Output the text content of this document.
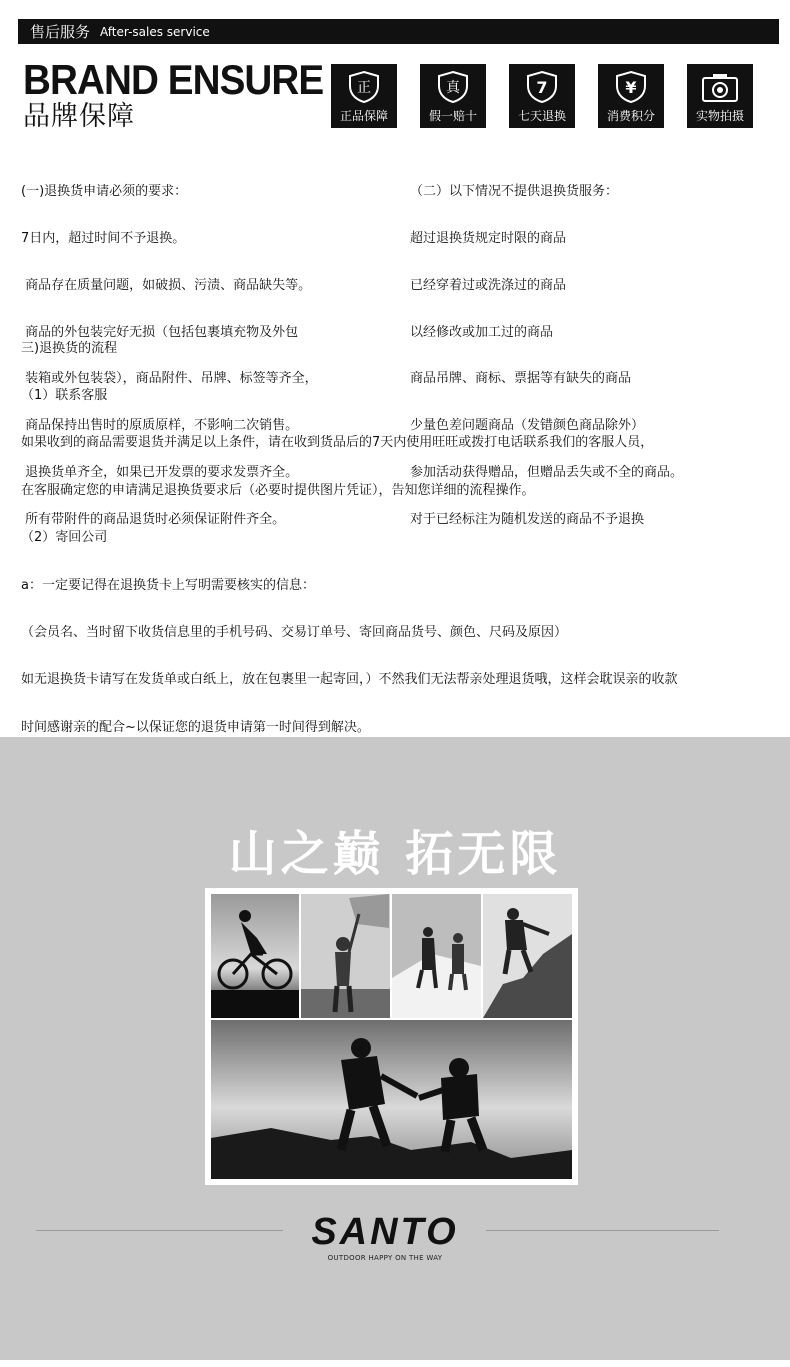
售后服务 After-sales service
BRAND ENSURE
品牌保障
正
正品保障
真
假一赔十
7
七天退换
¥
消费积分	实物拍摄

(一)退换货申请必须的要求：

7日内，超过时间不予退换。

商品存在质量问题，如破损、污渍、商品缺失等。

商品的外包装完好无损（包括包裹填充物及外包

装箱或外包装袋），商品附件、吊牌、标签等齐全，

商品保持出售时的原质原样，不影响二次销售。

退换货单齐全，如果已开发票的要求发票齐全。

所有带附件的商品退货时必须保证附件齐全。

（二）以下情况不提供退换货服务：

超过退换货规定时限的商品

已经穿着过或洗涤过的商品

以经修改或加工过的商品

商品吊牌、商标、票据等有缺失的商品

少量色差问题商品（发错颜色商品除外）

参加活动获得赠品，但赠品丢失或不全的商品。

对于已经标注为随机发送的商品不予退换

三)退换货的流程

（1）联系客服

如果收到的商品需要退货并满足以上条件，请在收到货品后的7天内使用旺旺或拨打电话联系我们的客服人员，

在客服确定您的申请满足退换货要求后（必要时提供图片凭证），告知您详细的流程操作。

（2）寄回公司

a：一定要记得在退换货卡上写明需要核实的信息：

（会员名、当时留下收货信息里的手机号码、交易订单号、寄回商品货号、颜色、尺码及原因）

如无退换货卡请写在发货单或白纸上，放在包裹里一起寄回，）不然我们无法帮亲处理退货哦，这样会耽误亲的收款

时间感谢亲的配合~以保证您的退货申请第一时间得到解决。

山之巅 拓无限
SANTO
OUTDOOR HAPPY ON THE WAY
